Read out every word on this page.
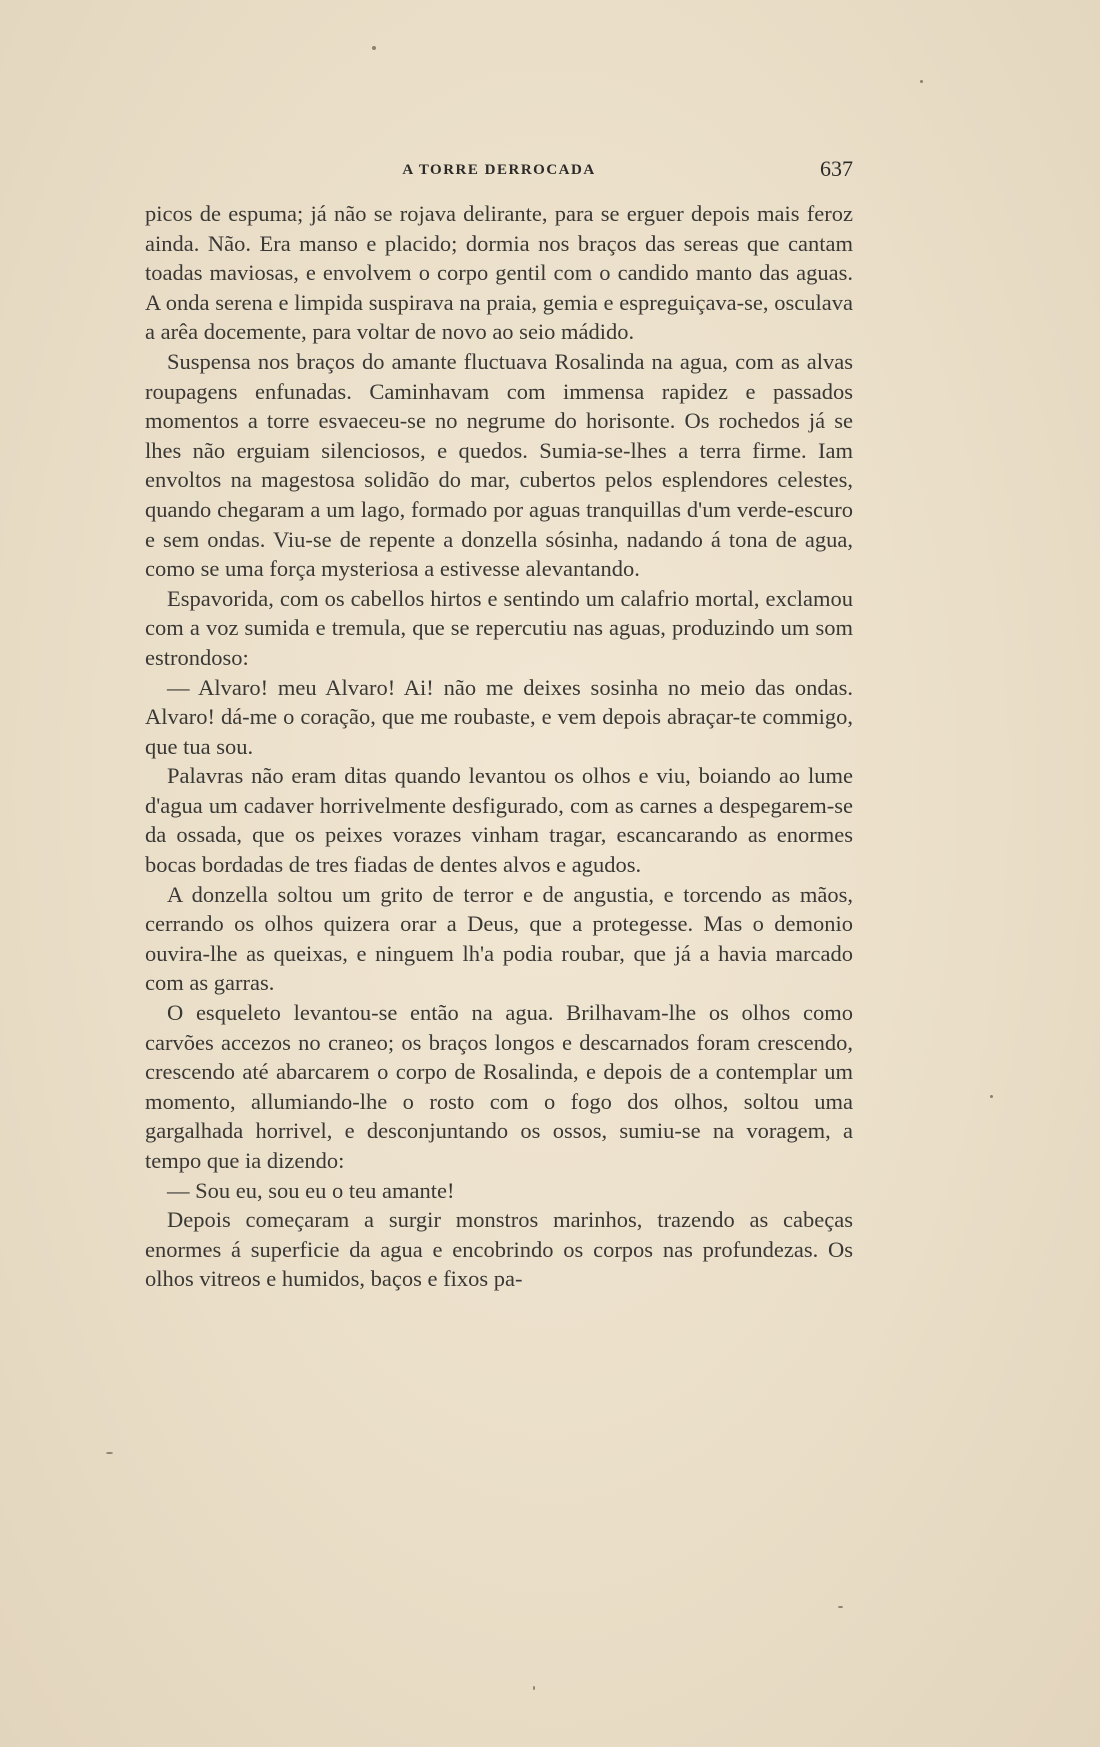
A TORRE DERROCADA	637

picos de espuma; já não se rojava delirante, para se erguer depois mais feroz ainda. Não. Era manso e placido; dormia nos braços das sereas que cantam toadas maviosas, e envolvem o corpo gentil com o candido manto das aguas. A onda serena e limpida suspirava na praia, gemia e espreguiçava-se, osculava a arêa docemente, para voltar de novo ao seio mádido.

Suspensa nos braços do amante fluctuava Rosalinda na agua, com as alvas roupagens enfunadas. Caminhavam com immensa rapidez e passados momentos a torre esvaeceu-se no negrume do horisonte. Os rochedos já se lhes não erguiam silenciosos, e quedos. Sumia-se-lhes a terra firme. Iam envoltos na magestosa solidão do mar, cubertos pelos esplendores celestes, quando chegaram a um lago, formado por aguas tranquillas d'um verde-escuro e sem ondas. Viu-se de repente a donzella sósinha, nadando á tona de agua, como se uma força mysteriosa a estivesse alevantando.

Espavorida, com os cabellos hirtos e sentindo um calafrio mortal, exclamou com a voz sumida e tremula, que se repercutiu nas aguas, produzindo um som estrondoso:

— Alvaro! meu Alvaro! Ai! não me deixes sosinha no meio das ondas. Alvaro! dá-me o coração, que me roubaste, e vem depois abraçar-te commigo, que tua sou.

Palavras não eram ditas quando levantou os olhos e viu, boiando ao lume d'agua um cadaver horrivelmente desfigurado, com as carnes a despegarem-se da ossada, que os peixes vorazes vinham tragar, escancarando as enormes bocas bordadas de tres fiadas de dentes alvos e agudos.

A donzella soltou um grito de terror e de angustia, e torcendo as mãos, cerrando os olhos quizera orar a Deus, que a protegesse. Mas o demonio ouvira-lhe as queixas, e ninguem lh'a podia roubar, que já a havia marcado com as garras.

O esqueleto levantou-se então na agua. Brilhavam-lhe os olhos como carvões accezos no craneo; os braços longos e descarnados foram crescendo, crescendo até abarcarem o corpo de Rosalinda, e depois de a contemplar um momento, allumiando-lhe o rosto com o fogo dos olhos, soltou uma gargalhada horrivel, e desconjuntando os ossos, sumiu-se na voragem, a tempo que ia dizendo:

— Sou eu, sou eu o teu amante!

Depois começaram a surgir monstros marinhos, trazendo as cabeças enormes á superficie da agua e encobrindo os corpos nas profundezas. Os olhos vitreos e humidos, baços e fixos pa-
